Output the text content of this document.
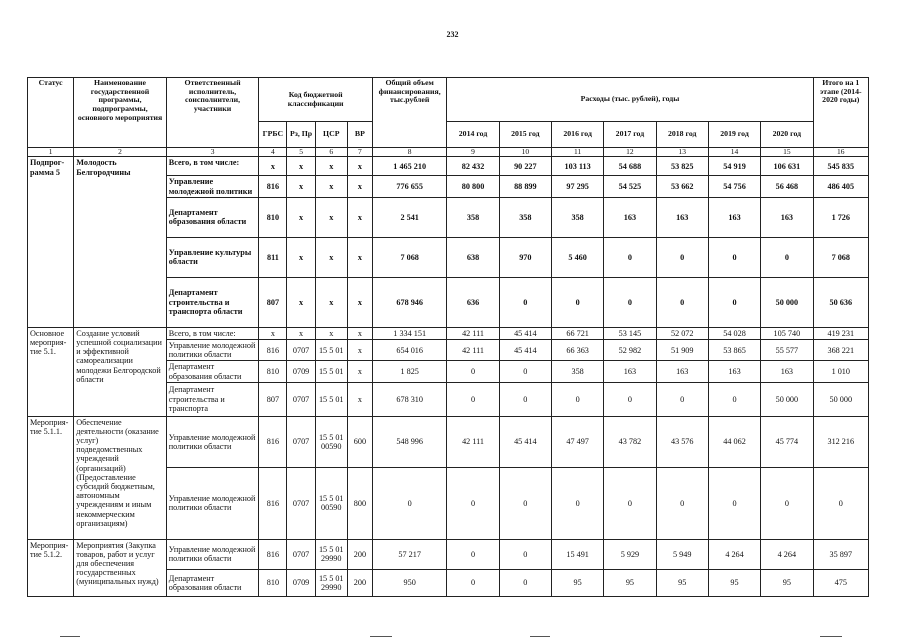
232
Статус	Наименование государственной программы, подпрограммы, основного мероприятия	Ответственный исполнитель, соисполнители, участники	Код бюджетной классификации				Общий объем финансирования, тыс.рублей	Расходы (тыс. рублей), годы							Итого на 1 этапе (2014-2020 годы)
			ГРБС	Рз, Пр	ЦСР	ВР		2014 год	2015 год	2016 год	2017 год	2018 год	2019 год	2020 год	
1	2	3	4	5	6	7	8	9	10	11	12	13	14	15	16
Подпрог-рамма 5	Молодость Белгородчины	Всего, в том числе:	х	х	х	х	1 465 210	82 432	90 227	103 113	54 688	53 825	54 919	106 631	545 835
		Управление молодежной политики	816	х	х	х	776 655	80 800	88 899	97 295	54 525	53 662	54 756	56 468	486 405
		Департамент образования области	810	х	х	х	2 541	358	358	358	163	163	163	163	1 726
		Управление культуры области	811	х	х	х	7 068	638	970	5 460	0	0	0	0	7 068
		Департамент строительства и транспорта области	807	х	х	х	678 946	636	0	0	0	0	0	50 000	50 636
Основное мероприя-тие 5.1.	Создание условий успешной социализации и эффективной самореализации молодежи Белгородской области	Всего, в том числе:	х	х	х	х	1 334 151	42 111	45 414	66 721	53 145	52 072	54 028	105 740	419 231
		Управление молодежной политики области	816	0707	15 5 01	х	654 016	42 111	45 414	66 363	52 982	51 909	53 865	55 577	368 221
		Департамент образования области	810	0709	15 5 01	х	1 825	0	0	358	163	163	163	163	1 010
		Департамент строительства и транспорта	807	0707	15 5 01	х	678 310	0	0	0	0	0	0	50 000	50 000
Мероприя-тие 5.1.1.	Обеспечение деятельности (оказание услуг) подведомственных учреждений (организаций) (Предоставление субсидий бюджетным, автономным учреждениям и иным некоммерческим организациям)	Управление молодежной политики области	816	0707	15 5 01 00590	600	548 996	42 111	45 414	47 497	43 782	43 576	44 062	45 774	312 216
		Управление молодежной политики области	816	0707	15 5 01 00590	800	0	0	0	0	0	0	0	0	0
Мероприя-тие 5.1.2.	Мероприятия (Закупка товаров, работ и услуг для обеспечения государственных (муниципальных нужд)	Управление молодежной политики области	816	0707	15 5 01 29990	200	57 217	0	0	15 491	5 929	5 949	4 264	4 264	35 897
		Департамент образования области	810	0709	15 5 01 29990	200	950	0	0	95	95	95	95	95	475
